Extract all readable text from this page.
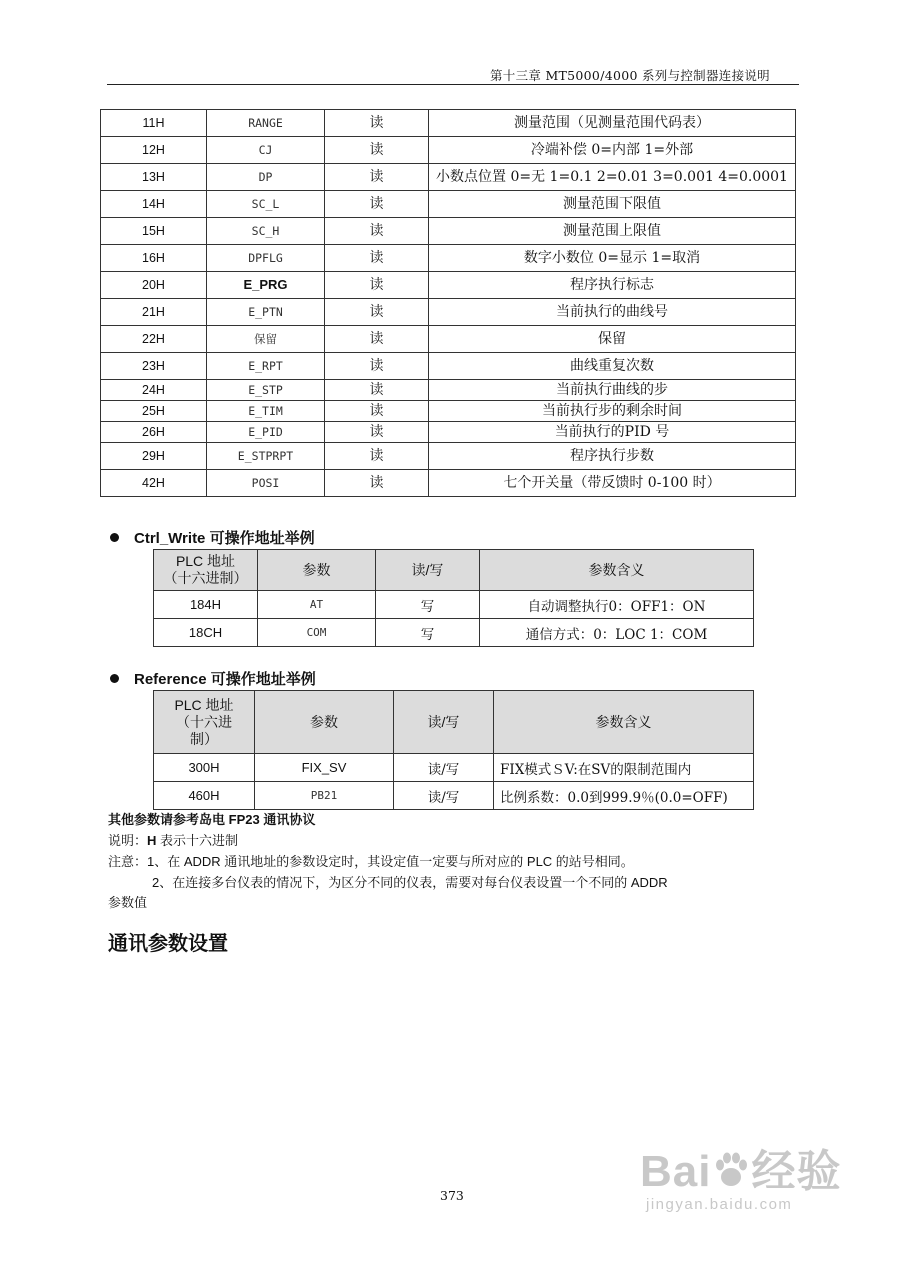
第十三章 MT5000/4000 系列与控制器连接说明
11H	RANGE	读	测量范围（见测量范围代码表）
12H	CJ	读	冷端补偿 0=内部 1=外部
13H	DP	读	小数点位置 0=无 1=0.1 2=0.01 3=0.001 4=0.0001
14H	SC_L	读	测量范围下限值
15H	SC_H	读	测量范围上限值
16H	DPFLG	读	数字小数位 0=显示 1=取消
20H	E_PRG	读	程序执行标志
21H	E_PTN	读	当前执行的曲线号
22H	保留	读	保留
23H	E_RPT	读	曲线重复次数
24H	E_STP	读	当前执行曲线的步
25H	E_TIM	读	当前执行步的剩余时间
26H	E_PID	读	当前执行的PID 号
29H	E_STPRPT	读	程序执行步数
42H	POSI	读	七个开关量（带反馈时 0-100 时）
Ctrl_Write 可操作地址举例
PLC 地址
（十六进制）	参数	读/写	参数含义
184H	AT	写	自动调整执行0：OFF1：ON
18CH	COM	写	通信方式：0：LOC 1：COM
Reference 可操作地址举例
PLC 地址
（十六进
制）	参数	读/写	参数含义
300H	FIX_SV	读/写	FIX模式ＳV:在SV的限制范围内
460H	PB21	读/写	比例系数：0.0到999.9％(0.0=OFF)
其他参数请参考岛电 FP23 通讯协议
说明：H 表示十六进制
注意：1、在 ADDR 通讯地址的参数设定时，其设定值一定要与所对应的 PLC 的站号相同。
2、在连接多台仪表的情况下，为区分不同的仪表，需要对每台仪表设置一个不同的 ADDR
参数值
通讯参数设置
373	Bai 经验
jingyan.baidu.com
